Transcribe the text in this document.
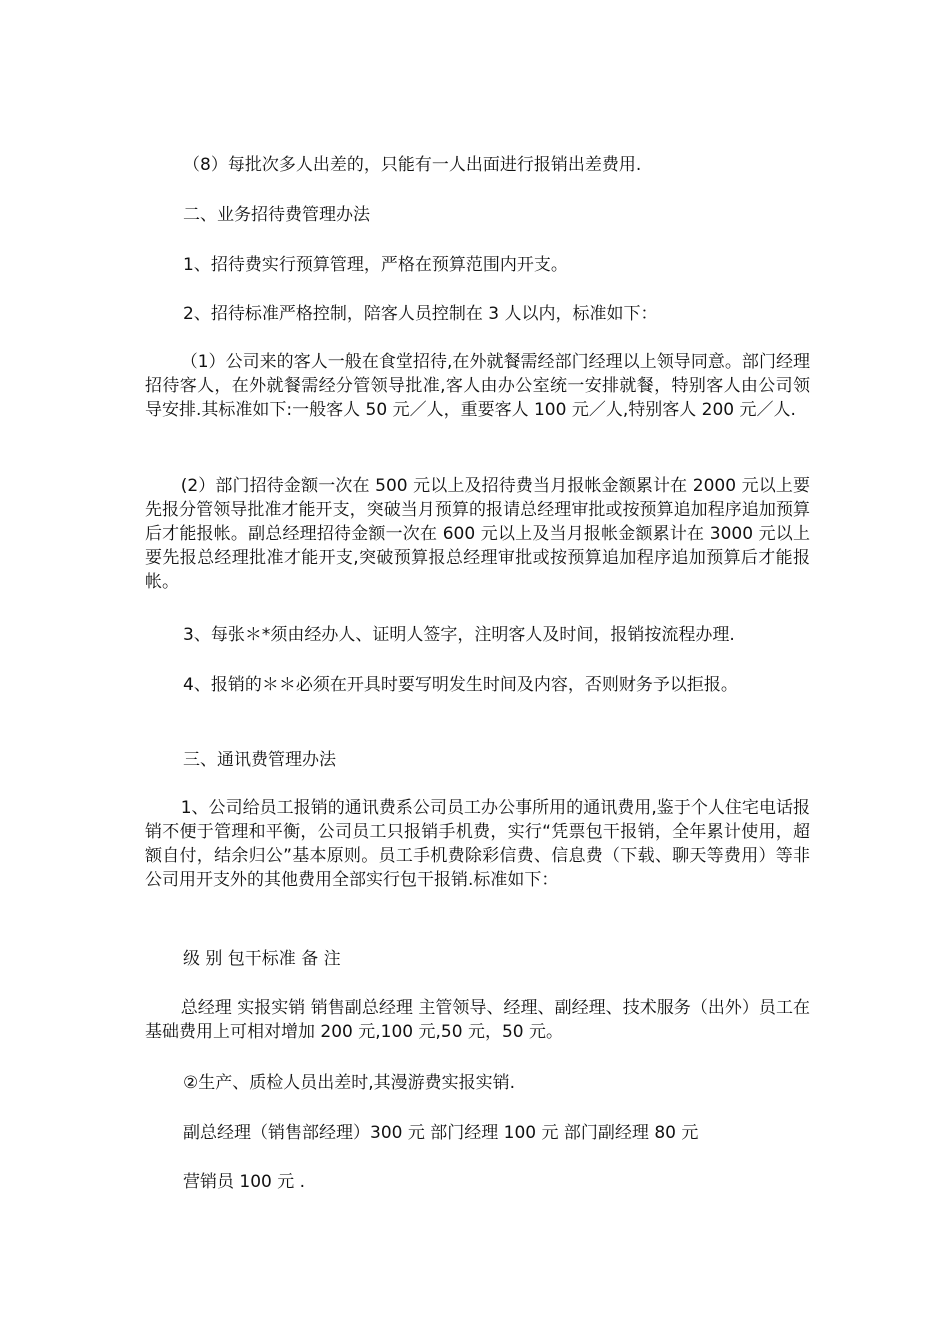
（8）每批次多人出差的，只能有一人出面进行报销出差费用.

二、业务招待费管理办法

1、招待费实行预算管理，严格在预算范围内开支。

2、招待标准严格控制，陪客人员控制在 3 人以内，标准如下：

（1）公司来的客人一般在食堂招待,在外就餐需经部门经理以上领导同意。部门经理招待客人，在外就餐需经分管领导批准,客人由办公室统一安排就餐，特别客人由公司领导安排.其标准如下:一般客人 50 元／人，重要客人 100 元／人,特别客人 200 元／人.

(2）部门招待金额一次在 500 元以上及招待费当月报帐金额累计在 2000 元以上要先报分管领导批准才能开支，突破当月预算的报请总经理审批或按预算追加程序追加预算后才能报帐。副总经理招待金额一次在 600 元以上及当月报帐金额累计在 3000 元以上要先报总经理批准才能开支,突破预算报总经理审批或按预算追加程序追加预算后才能报帐。

3、每张＊*须由经办人、证明人签字，注明客人及时间，报销按流程办理.

4、报销的＊＊必须在开具时要写明发生时间及内容，否则财务予以拒报。

三、通讯费管理办法

1、公司给员工报销的通讯费系公司员工办公事所用的通讯费用,鉴于个人住宅电话报销不便于管理和平衡，公司员工只报销手机费，实行“凭票包干报销，全年累计使用，超额自付，结余归公”基本原则。员工手机费除彩信费、信息费（下载、聊天等费用）等非公司用开支外的其他费用全部实行包干报销.标准如下：

级 别 包干标准 备 注

总经理 实报实销 销售副总经理 主管领导、经理、副经理、技术服务（出外）员工在基础费用上可相对增加 200 元,100 元,50 元，50 元。

②生产、质检人员出差时,其漫游费实报实销.

副总经理（销售部经理）300 元 部门经理 100 元 部门副经理 80 元

营销员 100 元 .
